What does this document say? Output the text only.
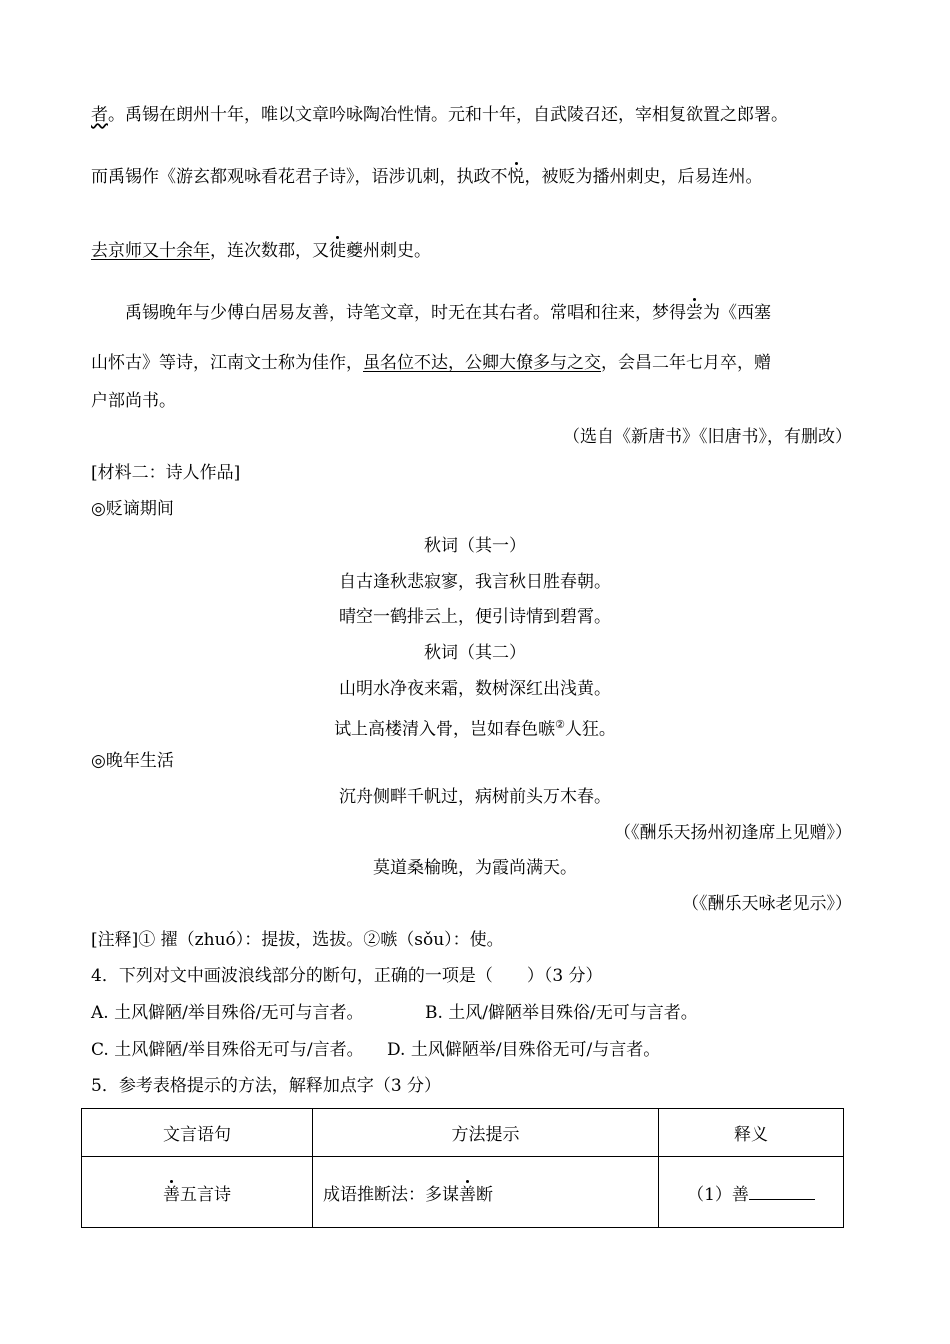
者。禹锡在朗州十年，唯以文章吟咏陶冶性情。元和十年，自武陵召还，宰相复欲置之郎署。
而禹锡作《游玄都观咏看花君子诗》，语涉讥刺，执政不悦，被贬为播州刺史，后易连州。
去京师又十余年，连次数郡，又徙夔州刺史。
禹锡晚年与少傅白居易友善，诗笔文章，时无在其右者。常唱和往来，梦得尝为《西塞
山怀古》等诗，江南文士称为佳作，虽名位不达，公卿大僚多与之交，会昌二年七月卒，赠
户部尚书。
（选自《新唐书》《旧唐书》，有删改）
[材料二：诗人作品]
◎贬谪期间
秋词（其一）
自古逢秋悲寂寥，我言秋日胜春朝。
晴空一鹤排云上，便引诗情到碧霄。
秋词（其二）
山明水净夜来霜，数树深红出浅黄。
试上高楼清入骨，岂如春色嗾②人狂。
◎晚年生活
沉舟侧畔千帆过，病树前头万木春。
（《酬乐天扬州初逢席上见赠》）
莫道桑榆晚，为霞尚满天。
（《酬乐天咏老见示》）
[注释]① 擢（zhuó）：提拔，选拔。②嗾（sǒu）：使。
4．下列对文中画波浪线部分的断句，正确的一项是（　　）（3 分）
A. 土风僻陋/举目殊俗/无可与言者。	B. 土风/僻陋举目殊俗/无可与言者。
C. 土风僻陋/举目殊俗无可与/言者。 D. 土风僻陋举/目殊俗无可/与言者。
5．参考表格提示的方法，解释加点字（3 分）
文言语句	方法提示	释义
善五言诗	成语推断法：多谋善断	（1）善
